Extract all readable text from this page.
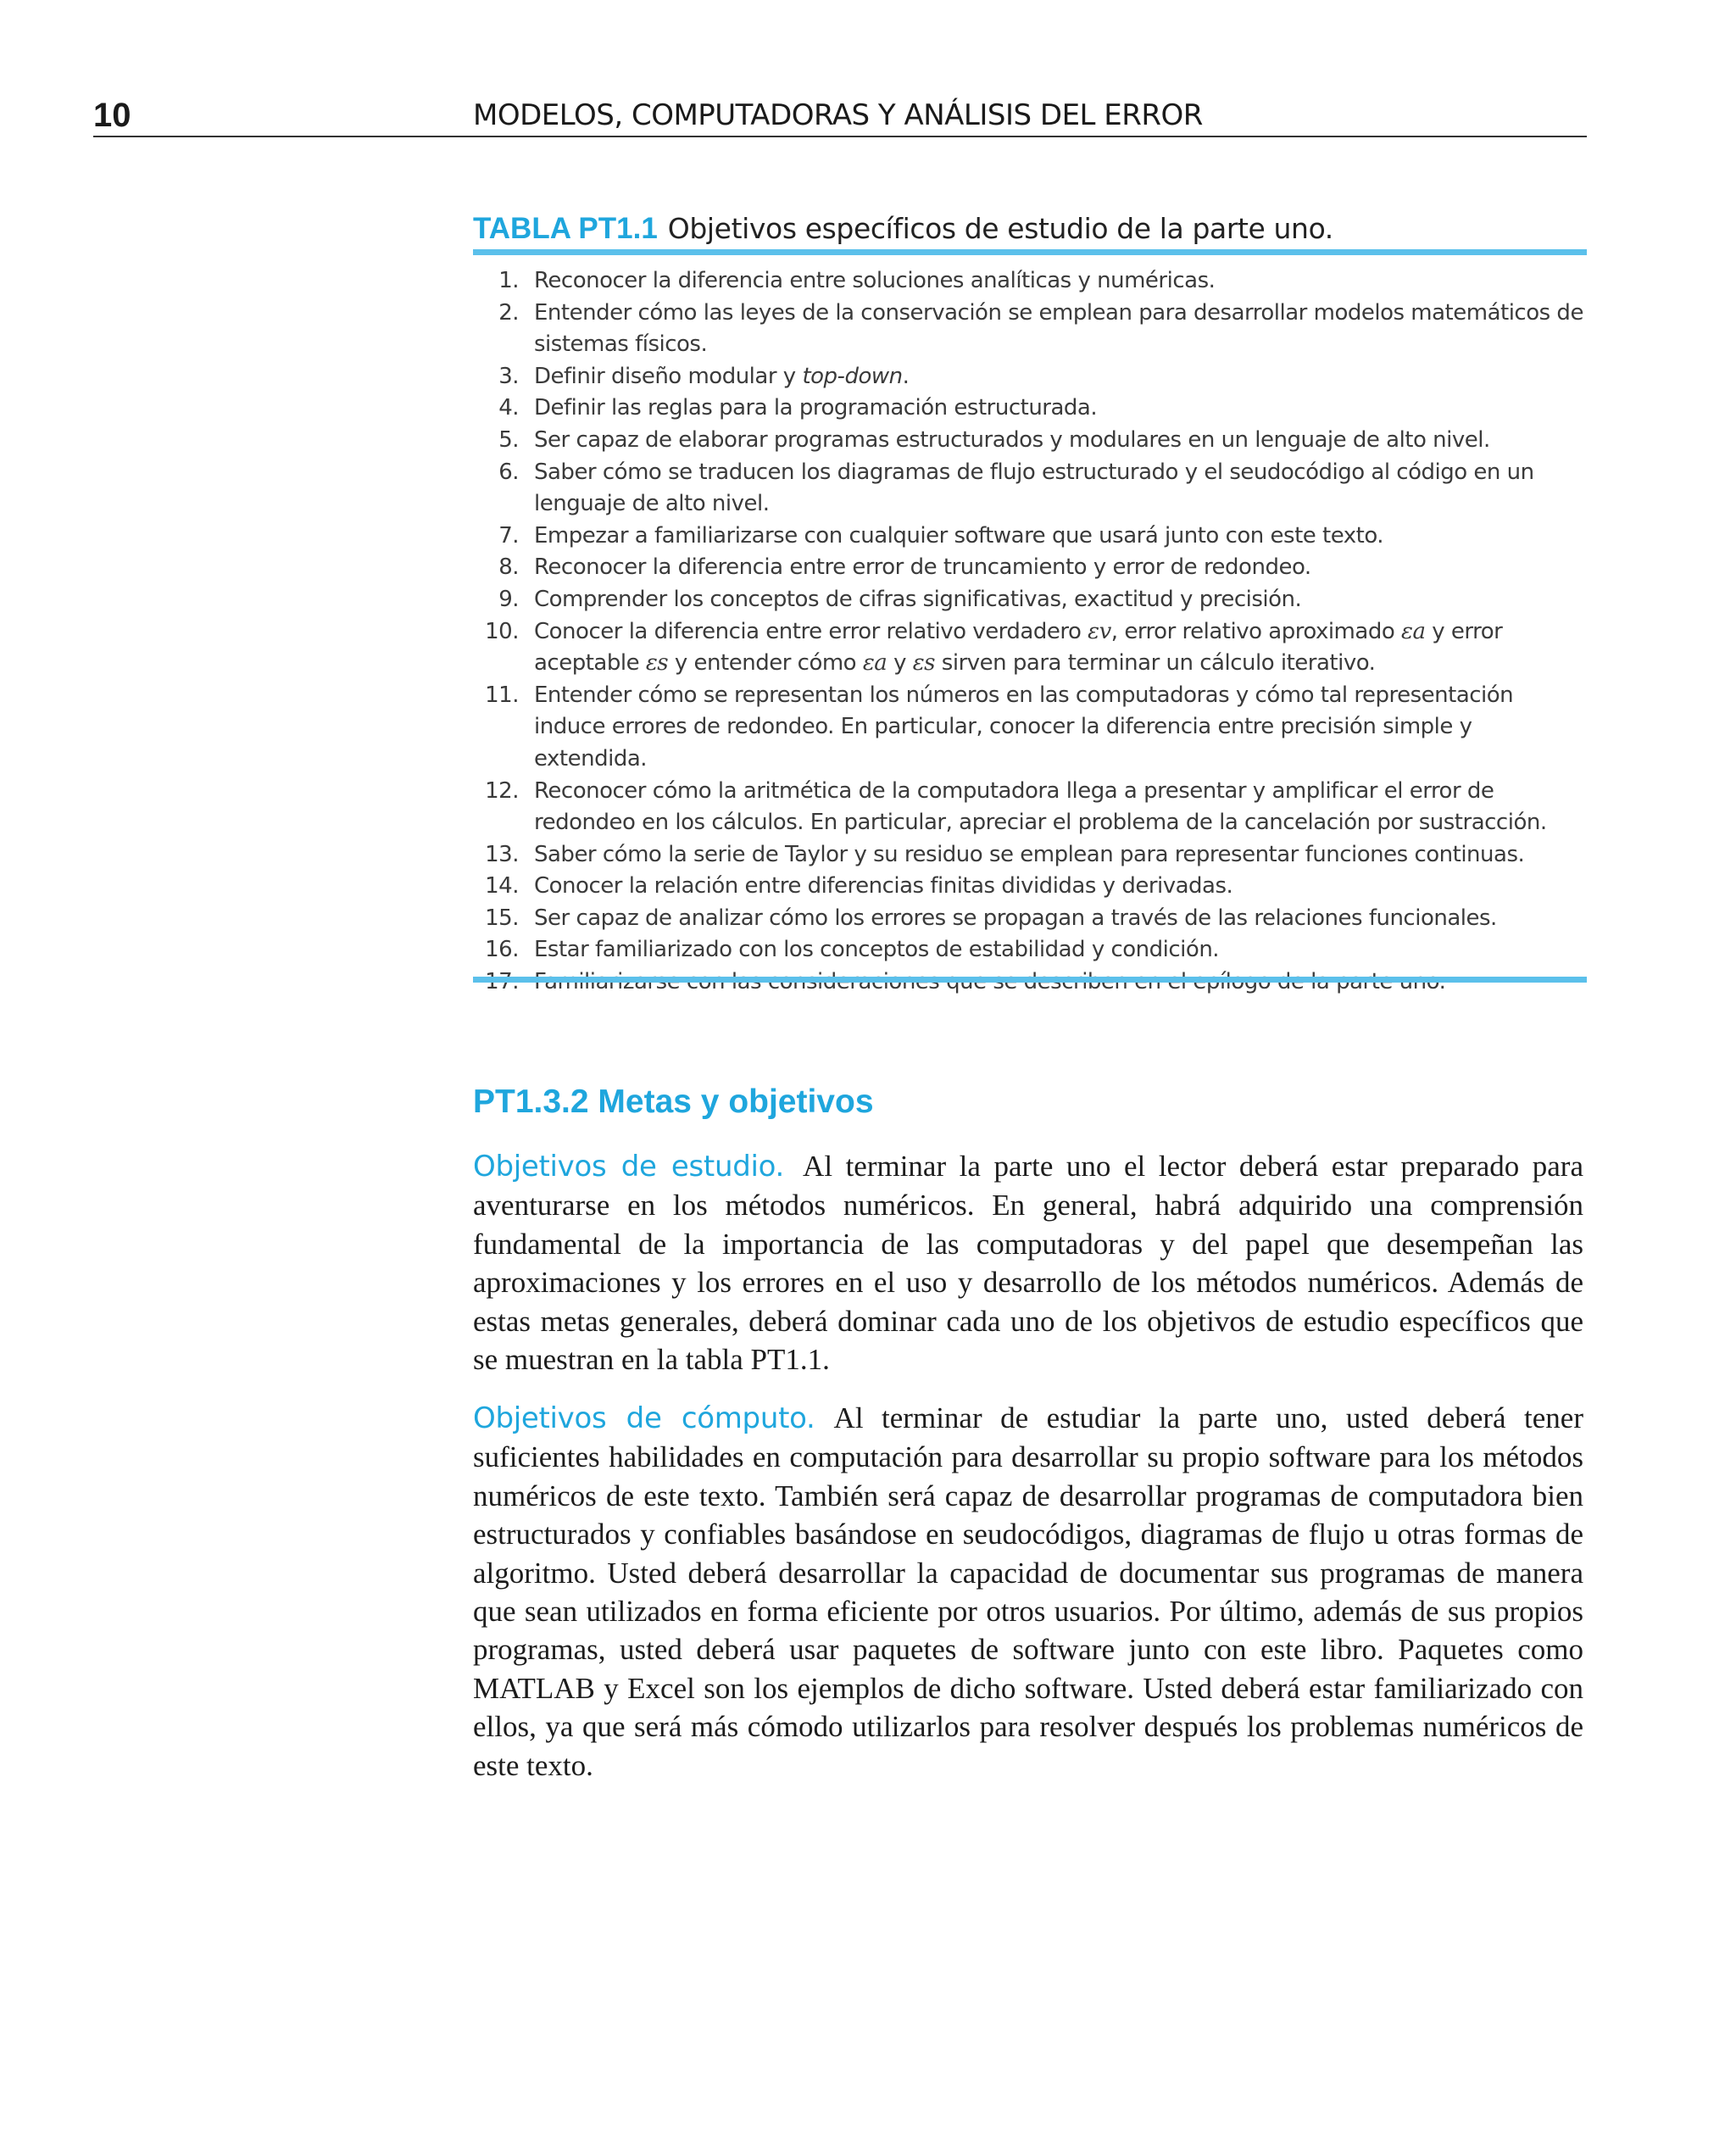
10	MODELOS, COMPUTADORAS Y ANÁLISIS DEL ERROR
TABLA PT1.1 Objetivos específicos de estudio de la parte uno.
1. Reconocer la diferencia entre soluciones analíticas y numéricas.
2. Entender cómo las leyes de la conservación se emplean para desarrollar modelos matemáticos de sistemas físicos.
3. Definir diseño modular y top-down.
4. Definir las reglas para la programación estructurada.
5. Ser capaz de elaborar programas estructurados y modulares en un lenguaje de alto nivel.
6. Saber cómo se traducen los diagramas de flujo estructurado y el seudocódigo al código en un lenguaje de alto nivel.
7. Empezar a familiarizarse con cualquier software que usará junto con este texto.
8. Reconocer la diferencia entre error de truncamiento y error de redondeo.
9. Comprender los conceptos de cifras significativas, exactitud y precisión.
10. Conocer la diferencia entre error relativo verdadero εv, error relativo aproximado εa y error aceptable εs y entender cómo εa y εs sirven para terminar un cálculo iterativo.
11. Entender cómo se representan los números en las computadoras y cómo tal representación induce errores de redondeo. En particular, conocer la diferencia entre precisión simple y extendida.
12. Reconocer cómo la aritmética de la computadora llega a presentar y amplificar el error de redondeo en los cálculos. En particular, apreciar el problema de la cancelación por sustracción.
13. Saber cómo la serie de Taylor y su residuo se emplean para representar funciones continuas.
14. Conocer la relación entre diferencias finitas divididas y derivadas.
15. Ser capaz de analizar cómo los errores se propagan a través de las relaciones funcionales.
16. Estar familiarizado con los conceptos de estabilidad y condición.
PT1.3.2 Metas y objetivos

Objetivos de estudio. Al terminar la parte uno el lector deberá estar preparado para aventurarse en los métodos numéricos. En general, habrá adquirido una comprensión fundamental de la importancia de las computadoras y del papel que desempeñan las aproximaciones y los errores en el uso y desarrollo de los métodos numéricos. Además de estas metas generales, deberá dominar cada uno de los objetivos de estudio específicos que se muestran en la tabla PT1.1.

Objetivos de cómputo. Al terminar de estudiar la parte uno, usted deberá tener suficientes habilidades en computación para desarrollar su propio software para los métodos numéricos de este texto. También será capaz de desarrollar programas de computadora bien estructurados y confiables basándose en seudocódigos, diagramas de flujo u otras formas de algoritmo. Usted deberá desarrollar la capacidad de documentar sus programas de manera que sean utilizados en forma eficiente por otros usuarios. Por último, además de sus propios programas, usted deberá usar paquetes de software junto con este libro. Paquetes como MATLAB y Excel son los ejemplos de dicho software. Usted deberá estar familiarizado con ellos, ya que será más cómodo utilizarlos para resolver después los problemas numéricos de este texto.
